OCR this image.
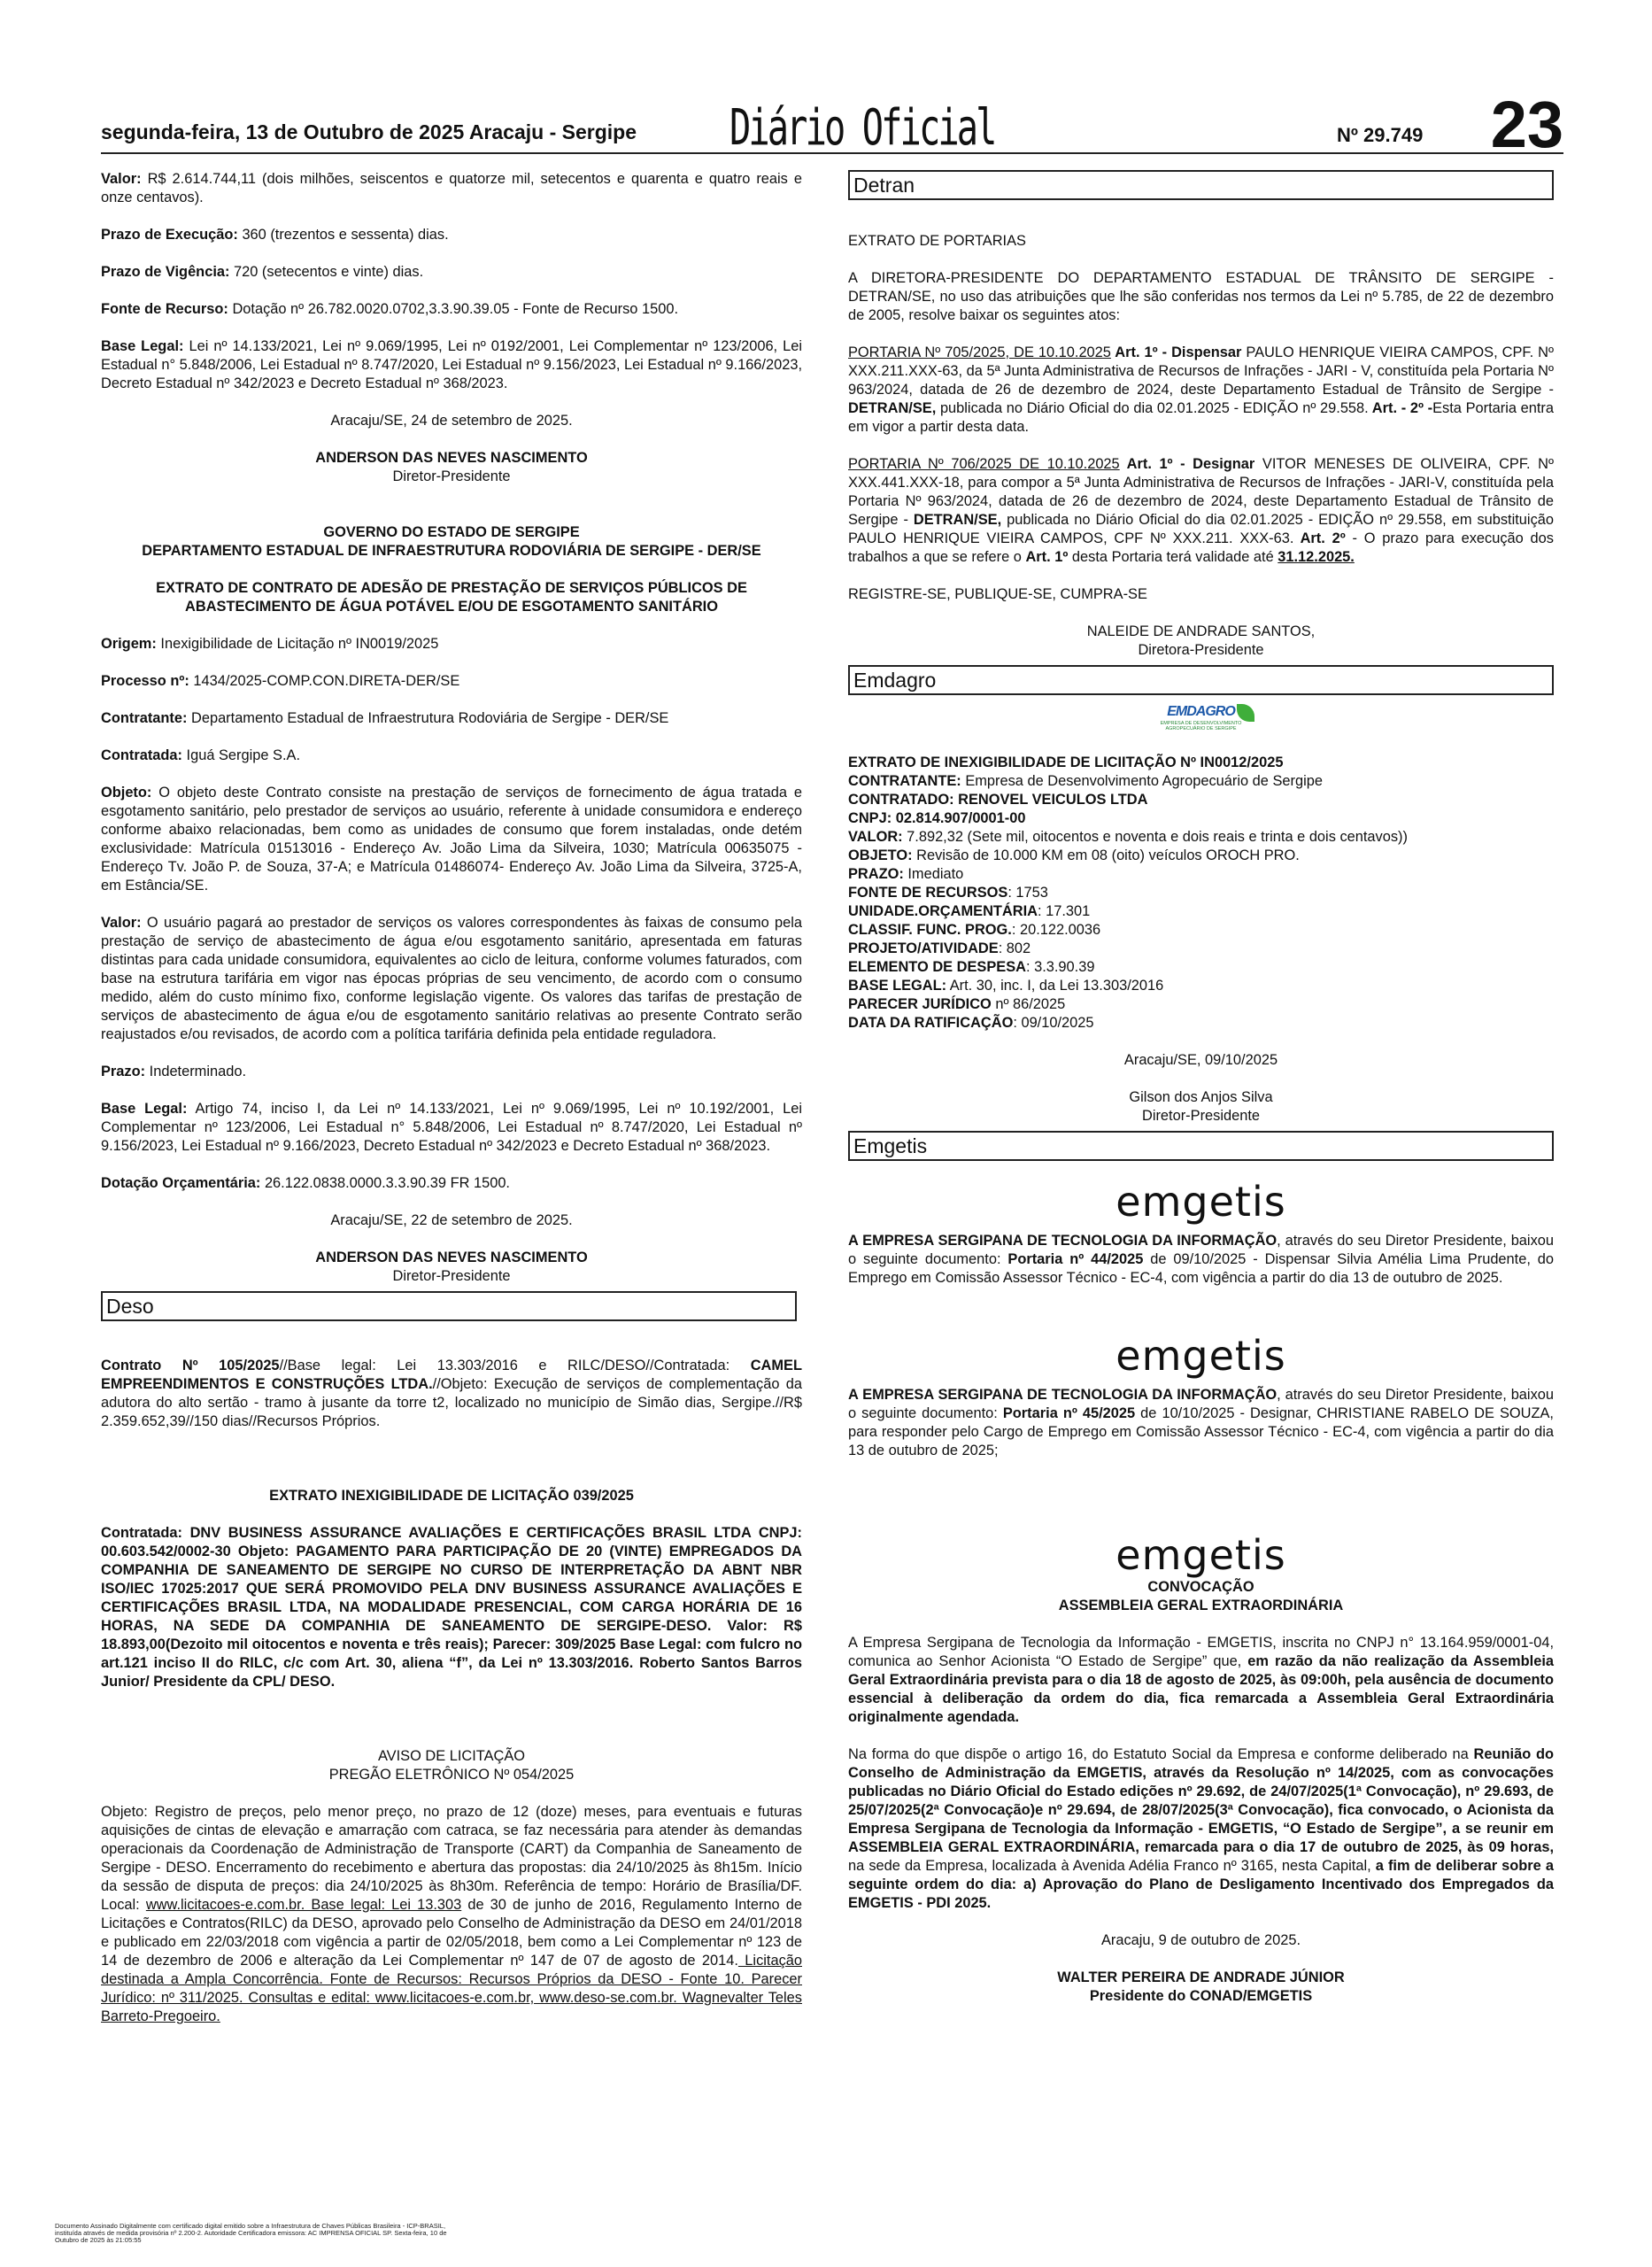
segunda-feira, 13 de Outubro de 2025 Aracaju - Sergipe Diário Oficial	Nº 29.749 23

Valor: R$ 2.614.744,11 (dois milhões, seiscentos e quatorze mil, setecentos e quarenta e quatro reais e onze centavos).

Prazo de Execução: 360 (trezentos e sessenta) dias.

Prazo de Vigência: 720 (setecentos e vinte) dias.

Fonte de Recurso: Dotação nº 26.782.0020.0702,3.3.90.39.05 - Fonte de Recurso 1500.

Base Legal: Lei nº 14.133/2021, Lei nº 9.069/1995, Lei nº 0192/2001, Lei Complementar nº 123/2006, Lei Estadual n° 5.848/2006, Lei Estadual nº 8.747/2020, Lei Estadual nº 9.156/2023, Lei Estadual nº 9.166/2023, Decreto Estadual nº 342/2023 e Decreto Estadual nº 368/2023.

Aracaju/SE, 24 de setembro de 2025.

ANDERSON DAS NEVES NASCIMENTO

Diretor-Presidente

GOVERNO DO ESTADO DE SERGIPE

DEPARTAMENTO ESTADUAL DE INFRAESTRUTURA RODOVIÁRIA DE SERGIPE - DER/SE

EXTRATO DE CONTRATO DE ADESÃO DE PRESTAÇÃO DE SERVIÇOS PÚBLICOS DE ABASTECIMENTO DE ÁGUA POTÁVEL E/OU DE ESGOTAMENTO SANITÁRIO

Origem: Inexigibilidade de Licitação nº IN0019/2025

Processo nº: 1434/2025-COMP.CON.DIRETA-DER/SE

Contratante: Departamento Estadual de Infraestrutura Rodoviária de Sergipe - DER/SE

Contratada: Iguá Sergipe S.A.

Objeto: O objeto deste Contrato consiste na prestação de serviços de fornecimento de água tratada e esgotamento sanitário, pelo prestador de serviços ao usuário, referente à unidade consumidora e endereço conforme abaixo relacionadas, bem como as unidades de consumo que forem instaladas, onde detém exclusividade: Matrícula 01513016 - Endereço Av. João Lima da Silveira, 1030; Matrícula 00635075 - Endereço Tv. João P. de Souza, 37-A; e Matrícula 01486074- Endereço Av. João Lima da Silveira, 3725-A, em Estância/SE.

Valor: O usuário pagará ao prestador de serviços os valores correspondentes às faixas de consumo pela prestação de serviço de abastecimento de água e/ou esgotamento sanitário, apresentada em faturas distintas para cada unidade consumidora, equivalentes ao ciclo de leitura, conforme volumes faturados, com base na estrutura tarifária em vigor nas épocas próprias de seu vencimento, de acordo com o consumo medido, além do custo mínimo fixo, conforme legislação vigente. Os valores das tarifas de prestação de serviços de abastecimento de água e/ou de esgotamento sanitário relativas ao presente Contrato serão reajustados e/ou revisados, de acordo com a política tarifária definida pela entidade reguladora.

Prazo: Indeterminado.

Base Legal: Artigo 74, inciso I, da Lei nº 14.133/2021, Lei nº 9.069/1995, Lei nº 10.192/2001, Lei Complementar nº 123/2006, Lei Estadual n° 5.848/2006, Lei Estadual nº 8.747/2020, Lei Estadual nº 9.156/2023, Lei Estadual nº 9.166/2023, Decreto Estadual nº 342/2023 e Decreto Estadual nº 368/2023.

Dotação Orçamentária: 26.122.0838.0000.3.3.90.39 FR 1500.

Aracaju/SE, 22 de setembro de 2025.

ANDERSON DAS NEVES NASCIMENTO

Diretor-Presidente

Deso

Contrato Nº 105/2025//Base legal: Lei 13.303/2016 e RILC/DESO//Contratada: CAMEL EMPREENDIMENTOS E CONSTRUÇÕES LTDA.//Objeto: Execução de serviços de complementação da adutora do alto sertão - tramo à jusante da torre t2, localizado no município de Simão dias, Sergipe.//R$ 2.359.652,39//150 dias//Recursos Próprios.

EXTRATO INEXIGIBILIDADE DE LICITAÇÃO 039/2025

Contratada: DNV BUSINESS ASSURANCE AVALIAÇÕES E CERTIFICAÇÕES BRASIL LTDA CNPJ: 00.603.542/0002-30 Objeto: PAGAMENTO PARA PARTICIPAÇÃO DE 20 (VINTE) EMPREGADOS DA COMPANHIA DE SANEAMENTO DE SERGIPE NO CURSO DE INTERPRETAÇÃO DA ABNT NBR ISO/IEC 17025:2017 QUE SERÁ PROMOVIDO PELA DNV BUSINESS ASSURANCE AVALIAÇÕES E CERTIFICAÇÕES BRASIL LTDA, NA MODALIDADE PRESENCIAL, COM CARGA HORÁRIA DE 16 HORAS, NA SEDE DA COMPANHIA DE SANEAMENTO DE SERGIPE-DESO. Valor: R$ 18.893,00(Dezoito mil oitocentos e noventa e três reais); Parecer: 309/2025 Base Legal: com fulcro no art.121 inciso II do RILC, c/c com Art. 30, aliena “f”, da Lei nº 13.303/2016. Roberto Santos Barros Junior/ Presidente da CPL/ DESO.

AVISO DE LICITAÇÃO

PREGÃO ELETRÔNICO Nº 054/2025

Objeto: Registro de preços, pelo menor preço, no prazo de 12 (doze) meses, para eventuais e futuras aquisições de cintas de elevação e amarração com catraca, se faz necessária para atender às demandas operacionais da Coordenação de Administração de Transporte (CART) da Companhia de Saneamento de Sergipe - DESO. Encerramento do recebimento e abertura das propostas: dia 24/10/2025 às 8h15m. Início da sessão de disputa de preços: dia 24/10/2025 às 8h30m. Referência de tempo: Horário de Brasília/DF. Local: www.licitacoes-e.com.br. Base legal: Lei 13.303 de 30 de junho de 2016, Regulamento Interno de Licitações e Contratos(RILC) da DESO, aprovado pelo Conselho de Administração da DESO em 24/01/2018 e publicado em 22/03/2018 com vigência a partir de 02/05/2018, bem como a Lei Complementar nº 123 de 14 de dezembro de 2006 e alteração da Lei Complementar nº 147 de 07 de agosto de 2014. Licitação destinada a Ampla Concorrência. Fonte de Recursos: Recursos Próprios da DESO - Fonte 10. Parecer Jurídico: nº 311/2025. Consultas e edital: www.licitacoes-e.com.br, www.deso-se.com.br. Wagnevalter Teles Barreto-Pregoeiro.

Detran

EXTRATO DE PORTARIAS

A DIRETORA-PRESIDENTE DO DEPARTAMENTO ESTADUAL DE TRÂNSITO DE SERGIPE - DETRAN/SE, no uso das atribuições que lhe são conferidas nos termos da Lei nº 5.785, de 22 de dezembro de 2005, resolve baixar os seguintes atos:

PORTARIA Nº 705/2025, DE 10.10.2025 Art. 1º - Dispensar PAULO HENRIQUE VIEIRA CAMPOS, CPF. Nº XXX.211.XXX-63, da 5ª Junta Administrativa de Recursos de Infrações - JARI - V, constituída pela Portaria Nº 963/2024, datada de 26 de dezembro de 2024, deste Departamento Estadual de Trânsito de Sergipe - DETRAN/SE, publicada no Diário Oficial do dia 02.01.2025 - EDIÇÃO nº 29.558. Art. - 2º -Esta Portaria entra em vigor a partir desta data.

PORTARIA Nº 706/2025 DE 10.10.2025 Art. 1º - Designar VITOR MENESES DE OLIVEIRA, CPF. Nº XXX.441.XXX-18, para compor a 5ª Junta Administrativa de Recursos de Infrações - JARI-V, constituída pela Portaria Nº 963/2024, datada de 26 de dezembro de 2024, deste Departamento Estadual de Trânsito de Sergipe - DETRAN/SE, publicada no Diário Oficial do dia 02.01.2025 - EDIÇÃO nº 29.558, em substituição PAULO HENRIQUE VIEIRA CAMPOS, CPF Nº XXX.211. XXX-63. Art. 2º - O prazo para execução dos trabalhos a que se refere o Art. 1º desta Portaria terá validade até 31.12.2025.

REGISTRE-SE, PUBLIQUE-SE, CUMPRA-SE

NALEIDE DE ANDRADE SANTOS,

Diretora-Presidente

Emdagro
EMDAGRO
EMPRESA DE DESENVOLVIMENTO AGROPECUÁRIO DE SERGIPE

EXTRATO DE INEXIGIBILIDADE DE LICIITAÇÃO Nº IN0012/2025

CONTRATANTE: Empresa de Desenvolvimento Agropecuário de Sergipe

CONTRATADO: RENOVEL VEICULOS LTDA

CNPJ: 02.814.907/0001-00

VALOR: 7.892,32 (Sete mil, oitocentos e noventa e dois reais e trinta e dois centavos))

OBJETO: Revisão de 10.000 KM em 08 (oito) veículos OROCH PRO.

PRAZO: Imediato

FONTE DE RECURSOS: 1753

UNIDADE.ORÇAMENTÁRIA: 17.301

CLASSIF. FUNC. PROG.: 20.122.0036

PROJETO/ATIVIDADE: 802

ELEMENTO DE DESPESA: 3.3.90.39

BASE LEGAL: Art. 30, inc. I, da Lei 13.303/2016

PARECER JURÍDICO nº 86/2025

DATA DA RATIFICAÇÃO: 09/10/2025

Aracaju/SE, 09/10/2025

Gilson dos Anjos Silva

Diretor-Presidente

Emgetis

emgetis

A EMPRESA SERGIPANA DE TECNOLOGIA DA INFORMAÇÃO, através do seu Diretor Presidente, baixou o seguinte documento: Portaria nº 44/2025 de 09/10/2025 - Dispensar Silvia Amélia Lima Prudente, do Emprego em Comissão Assessor Técnico - EC-4, com vigência a partir do dia 13 de outubro de 2025.

emgetis

A EMPRESA SERGIPANA DE TECNOLOGIA DA INFORMAÇÃO, através do seu Diretor Presidente, baixou o seguinte documento: Portaria nº 45/2025 de 10/10/2025 - Designar, CHRISTIANE RABELO DE SOUZA, para responder pelo Cargo de Emprego em Comissão Assessor Técnico - EC-4, com vigência a partir do dia 13 de outubro de 2025;

emgetis

CONVOCAÇÃO

ASSEMBLEIA GERAL EXTRAORDINÁRIA

A Empresa Sergipana de Tecnologia da Informação - EMGETIS, inscrita no CNPJ n° 13.164.959/0001-04, comunica ao Senhor Acionista “O Estado de Sergipe” que, em razão da não realização da Assembleia Geral Extraordinária prevista para o dia 18 de agosto de 2025, às 09:00h, pela ausência de documento essencial à deliberação da ordem do dia, fica remarcada a Assembleia Geral Extraordinária originalmente agendada.

Na forma do que dispõe o artigo 16, do Estatuto Social da Empresa e conforme deliberado na Reunião do Conselho de Administração da EMGETIS, através da Resolução nº 14/2025, com as convocações publicadas no Diário Oficial do Estado edições nº 29.692, de 24/07/2025(1ª Convocação), nº 29.693, de 25/07/2025(2ª Convocação)e nº 29.694, de 28/07/2025(3ª Convocação), fica convocado, o Acionista da Empresa Sergipana de Tecnologia da Informação - EMGETIS, “O Estado de Sergipe”, a se reunir em ASSEMBLEIA GERAL EXTRAORDINÁRIA, remarcada para o dia 17 de outubro de 2025, às 09 horas, na sede da Empresa, localizada à Avenida Adélia Franco nº 3165, nesta Capital, a fim de deliberar sobre a seguinte ordem do dia: a) Aprovação do Plano de Desligamento Incentivado dos Empregados da EMGETIS - PDI 2025.

Aracaju, 9 de outubro de 2025.

WALTER PEREIRA DE ANDRADE JÚNIOR

Presidente do CONAD/EMGETIS

Documento Assinado Digitalmente com certificado digital emitido sobre a Infraestrutura de Chaves Públicas Brasileira - ICP-BRASIL, instituída através de medida provisória nº 2.200-2. Autoridade Certificadora emissora: AC IMPRENSA OFICIAL SP. Sexta-feira, 10 de Outubro de 2025 às 21:05:55
